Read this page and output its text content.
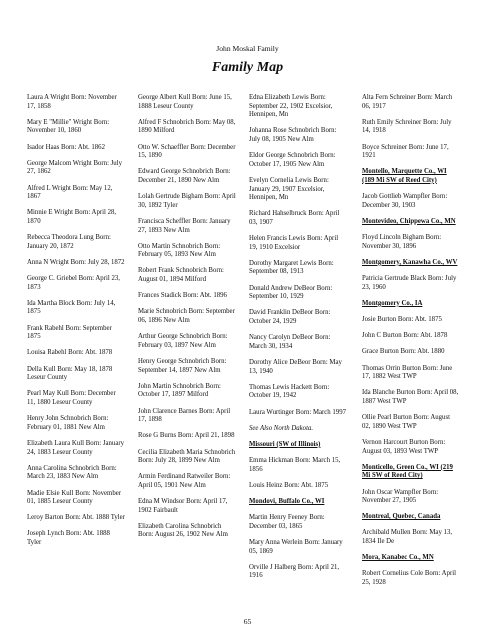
John Moskal Family
Family Map

Laura A Wright Born: November 17, 1858

Mary E "Millie" Wright Born: November 10, 1860

Isador Haas Born: Abt. 1862

George Malcom Wright Born: July 27, 1862

Alfred L Wright Born: May 12, 1867

Minnie E Wright Born: April 28, 1870

Rebecca Theodora Lung Born: January 20, 1872

Anna N Wright Born: July 28, 1872

George C. Griebel Born: April 23, 1873

Ida Martha Block Born: July 14, 1875

Frank Rabehl Born: September 1875

Louisa Rabehl Born: Abt. 1878

Della Kull Born: May 18, 1878 Leseur County

Pearl May Kull Born: December 11, 1880 Leseur County

Henry John Schnobrich Born: February 01, 1881 New Alm

Elizabeth Laura Kull Born: January 24, 1883 Leseur County

Anna Carolina Schnobrich Born: March 23, 1883 New Alm

Madie Elsie Kull Born: November 01, 1885 Leseur County

Leroy Barton Born: Abt. 1888 Tyler

Joseph Lynch Born: Abt. 1888 Tyler

George Albert Kull Born: June 15, 1888 Leseur County

Alfred F Schnobrich Born: May 08, 1890 Milford

Otto W. Schaeffler Born: December 15, 1890

Edward George Schnobrich Born: December 21, 1890 New Alm

Lolah Gertrude Bigham Born: April 30, 1892 Tyler

Francisca Scheffler Born: January 27, 1893 New Alm

Otto Martin Schnobrich Born: February 05, 1893 New Alm

Robert Frank Schnobrich Born: August 01, 1894 Milford

Frances Stadick Born: Abt. 1896

Marie Schnobrich Born: September 06, 1896 New Alm

Arthur George Schnobrich Born: February 03, 1897 New Alm

Henry George Schnobrich Born: September 14, 1897 New Alm

John Martin Schnobrich Born: October 17, 1897 Milford

John Clarence Barnes Born: April 17, 1898

Rose G Burns Born: April 21, 1898

Cecilia Elizabeth Maria Schnobrich Born: July 28, 1899 New Alm

Armin Ferdinand Ratweiler Born: April 05, 1901 New Alm

Edna M Windsor Born: April 17, 1902 Fairbault

Elizabeth Carolina Schnobrich Born: August 26, 1902 New Alm

Edna Elizabeth Lewis Born: September 22, 1902 Excelsior, Hennipen, Mn

Johanna Rose Schnobrich Born: July 08, 1905 New Alm

Eldor George Schnobrich Born: October 17, 1905 New Alm

Evelyn Cornelia Lewis Born: January 29, 1907 Excelsior, Hennipen, Mn

Richard Hahselbruck Born: April 03, 1907

Helen Francis Lewis Born: April 19, 1910 Excelsior

Dorothy Margaret Lewis Born: September 08, 1913

Donald Andrew DeBeor Born: September 10, 1929

David Franklin DeBeor Born: October 24, 1929

Nancy Carolyn DeBeor Born: March 30, 1934

Dorothy Alice DeBeor Born: May 13, 1940

Thomas Lewis Hackett Born: October 19, 1942

Laura Wurtinger Born: March 1997

See Also North Dakota.

Missouri (SW of Illinois)

Emma Hickman Born: March 15, 1856

Louis Heinz Born: Abt. 1875

Mondovi, Buffalo Co., WI

Martin Henry Feeney Born: December 03, 1865

Mary Anna Werlein Born: January 05, 1869

Orville J Halberg Born: April 21, 1916

Alta Fern Schreiner Born: March 06, 1917

Ruth Emily Schreiner Born: July 14, 1918

Boyce Schreiner Born: June 17, 1921

Montello, Marquette Co., WI (189 Mi SW of Reed City)

Jacob Gottlieb Wampfler Born: December 30, 1903

Montevideo, Chippewa Co., MN

Floyd Lincoln Bigham Born: November 30, 1896

Montgomery, Kanawha Co., WV

Patricia Gertrude Black Born: July 23, 1960

Montgomery Co., IA

Josie Burton Born: Abt. 1875

John C Burton Born: Abt. 1878

Grace Burton Born: Abt. 1880

Thomas Orrin Burton Born: June 17, 1882 West TWP

Ida Blanche Burton Born: April 08, 1887 West TWP

Ollie Pearl Burton Born: August 02, 1890 West TWP

Vernon Harcourt Burton Born: August 03, 1893 West TWP

Monticello, Green Co., WI (219 Mi SW of Reed City)

John Oscar Wampfler Born: November 27, 1905

Montreal, Quebec, Canada

Archibald Mullen Born: May 13, 1834 Ile De

Mora, Kanabec Co., MN

Robert Cornelius Cole Born: April 25, 1928

65
